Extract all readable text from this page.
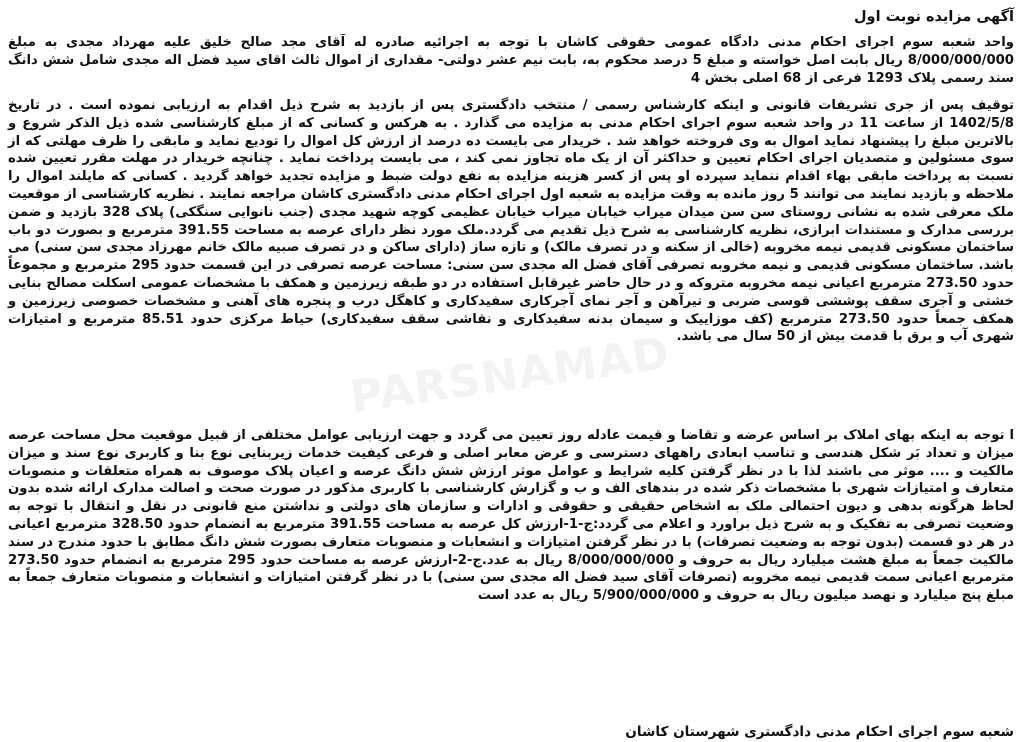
آگهی مزایده نوبت اول

واحد شعبه سوم اجرای احکام مدنی دادگاه عمومی حقوقی کاشان با توجه به اجرائیه صادره له آقای مجد صالح خلیق علیه مهرداد مجدی به مبلغ 8/000/000/000 ریال بابت اصل خواسته و مبلغ 5 درصد محکوم به، بابت نیم عشر دولتی- مقداری از اموال ثالث اقای سید فضل اله مجدی شامل شش دانگ سند رسمی پلاک 1293 فرعی از 68 اصلی بخش 4

توقیف پس از جری تشریفات قانونی و اینکه کارشناس رسمی / منتخب دادگستری پس از بازدید به شرح ذیل اقدام به ارزیابی نموده است . در تاریخ 1402/5/8 از ساعت 11 در واحد شعبه سوم اجرای احکام مدنی به مزایده می گذارد . به هرکس و کسانی که از مبلغ کارشناسی شده ذیل الذکر شروع و بالاترین مبلغ را پیشنهاد نماید اموال به وی فروخته خواهد شد . خریدار می بایست ده درصد از ارزش کل اموال را تودیع نماید و مابقی را ظرف مهلتی که از سوی مسئولین و متصدیان اجرای احکام تعیین و حداکثر آن از یک ماه تجاوز نمی کند ، می بایست پرداخت نماید . چنانچه خریدار در مهلت مقرر تعیین شده نسبت به پرداخت مابقی بهاء اقدام ننماید سپرده او پس از کسر هزینه مزایده به نفع دولت ضبط و مزایده تجدید خواهد گردید . کسانی که مایلند اموال را ملاحظه و بازدید نمایند می توانند 5 روز مانده به وقت مزایده به شعبه اول اجرای احکام مدنی دادگستری کاشان مراجعه نمایند . نظریه کارشناسی از موقعیت ملک معرفی شده به نشانی روستای سن سن میدان میراب خیابان میراب خیابان عظیمی کوچه شهید مجدی (جنب نانوایی سنگکی) پلاک 328 بازدید و ضمن بررسی مدارک و مستندات ابرازی، نظریه کارشناسی به شرح ذیل تقدیم می گردد.ملک مورد نظر دارای عرصه به مساحت 391.55 مترمربع و بصورت دو باب ساختمان مسکونی قدیمی نیمه مخروبه (خالی از سکنه و در تصرف مالک) و تازه ساز (دارای ساکن و در تصرف صبیه مالک خانم مهرزاد مجدی سن سنی) می باشد. ساختمان مسکونی قدیمی و نیمه مخروبه تصرفی آقای فضل اله مجدی سن سنی: مساحت عرصه تصرفی در این قسمت حدود 295 مترمربع و مجموعاً حدود 273.50 مترمربع اعیانی نیمه مخروبه متروکه و در حال حاضر غیرقابل استفاده در دو طبقه زیرزمین و همکف با مشخصات عمومی اسکلت مصالح بنایی خشتی و آجری سقف پوششی قوسی ضربی و تیرآهن و آجر نمای آجرکاری سفیدکاری و کاهگل درب و پنجره های آهنی و مشخصات خصوصی زیرزمین و همکف جمعاً حدود 273.50 مترمربع (کف موزاییک و سیمان بدنه سفیدکاری و نقاشی سقف سفیدکاری) حیاط مرکزی حدود 85.51 مترمربع و امتیازات شهری آب و برق با قدمت بیش از 50 سال می باشد.

ا توجه به اینکه بهای املاک بر اساس عرضه و تقاضا و قیمت عادله روز تعیین می گردد و جهت ارزیابی عوامل مختلفی از قبیل موقعیت محل مساحت عرصه میزان و تعداد بَر شکل هندسی و تناسب ابعادی راههای دسترسی و عرض معابر اصلی و فرعی کیفیت خدمات زیربنایی نوع بنا و کاربری نوع سند و میزان مالکیت و .... موثر می باشند لذا با در نظر گرفتن کلیه شرایط و عوامل موثر ارزش شش دانگ عرصه و اعیان پلاک موصوف به همراه متعلقات و منصوبات متعارف و امتیازات شهری با مشخصات ذکر شده در بندهای الف و ب و گزارش کارشناسی با کاربری مذکور در صورت صحت و اصالت مدارک ارائه شده بدون لحاظ هرگونه بدهی و دیون احتمالی ملک به اشخاص حقیقی و حقوقی و ادارات و سازمان های دولتی و نداشتن منع قانونی در نقل و انتقال با توجه به وضعیت تصرفی به تفکیک و به شرح ذیل براورد و اعلام می گردد:ج-1-ارزش کل عرصه به مساحت 391.55 مترمربع به انضمام حدود 328.50 مترمربع اعیانی در هر دو قسمت (بدون توجه به وضعیت تصرفات) با در نظر گرفتن امتیازات و انشعابات و منصوبات متعارف بصورت شش دانگ مطابق با حدود مندرج در سند مالکیت جمعاً به مبلغ هشت میلیارد ریال به حروف و 8/000/000/000 ریال به عدد.ج-2-ارزش عرصه به مساحت حدود 295 مترمربع به انضمام حدود 273.50 مترمربع اعیانی سمت قدیمی نیمه مخروبه (تصرفات آقای سید فضل اله مجدی سن سنی) با در نظر گرفتن امتیازات و انشعابات و منصوبات متعارف جمعاً به مبلغ پنج میلیارد و نهصد میلیون ریال به حروف و 5/900/000/000 ریال به عدد است

شعبه سوم اجرای احکام مدنی دادگستری شهرستان کاشان
PARSNAMAD
